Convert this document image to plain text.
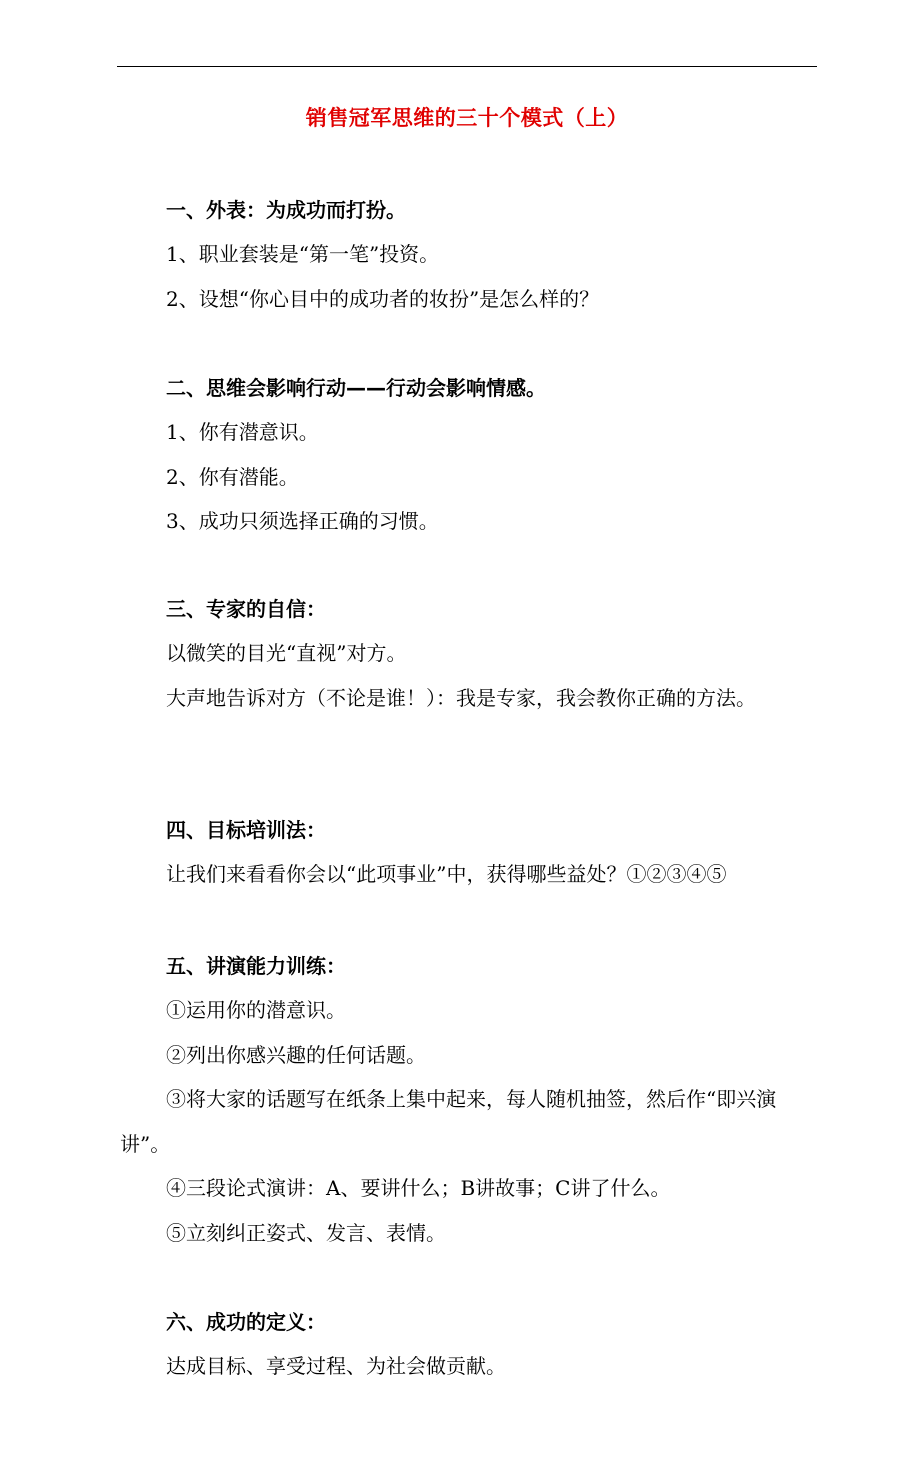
销售冠军思维的三十个模式（上）

一、外表：为成功而打扮。

1、职业套装是“第一笔”投资。

2、设想“你心目中的成功者的妆扮”是怎么样的？

二、思维会影响行动——行动会影响情感。

1、你有潜意识。

2、你有潜能。

3、成功只须选择正确的习惯。

三、专家的自信：

以微笑的目光“直视”对方。

大声地告诉对方（不论是谁！）：我是专家，我会教你正确的方法。

四、目标培训法：

让我们来看看你会以“此项事业”中，获得哪些益处？①②③④⑤

五、讲演能力训练：

①运用你的潜意识。

②列出你感兴趣的任何话题。

③将大家的话题写在纸条上集中起来，每人随机抽签，然后作“即兴演讲”。

④三段论式演讲：A、要讲什么；B讲故事；C讲了什么。

⑤立刻纠正姿式、发言、表情。

六、成功的定义：

达成目标、享受过程、为社会做贡献。
